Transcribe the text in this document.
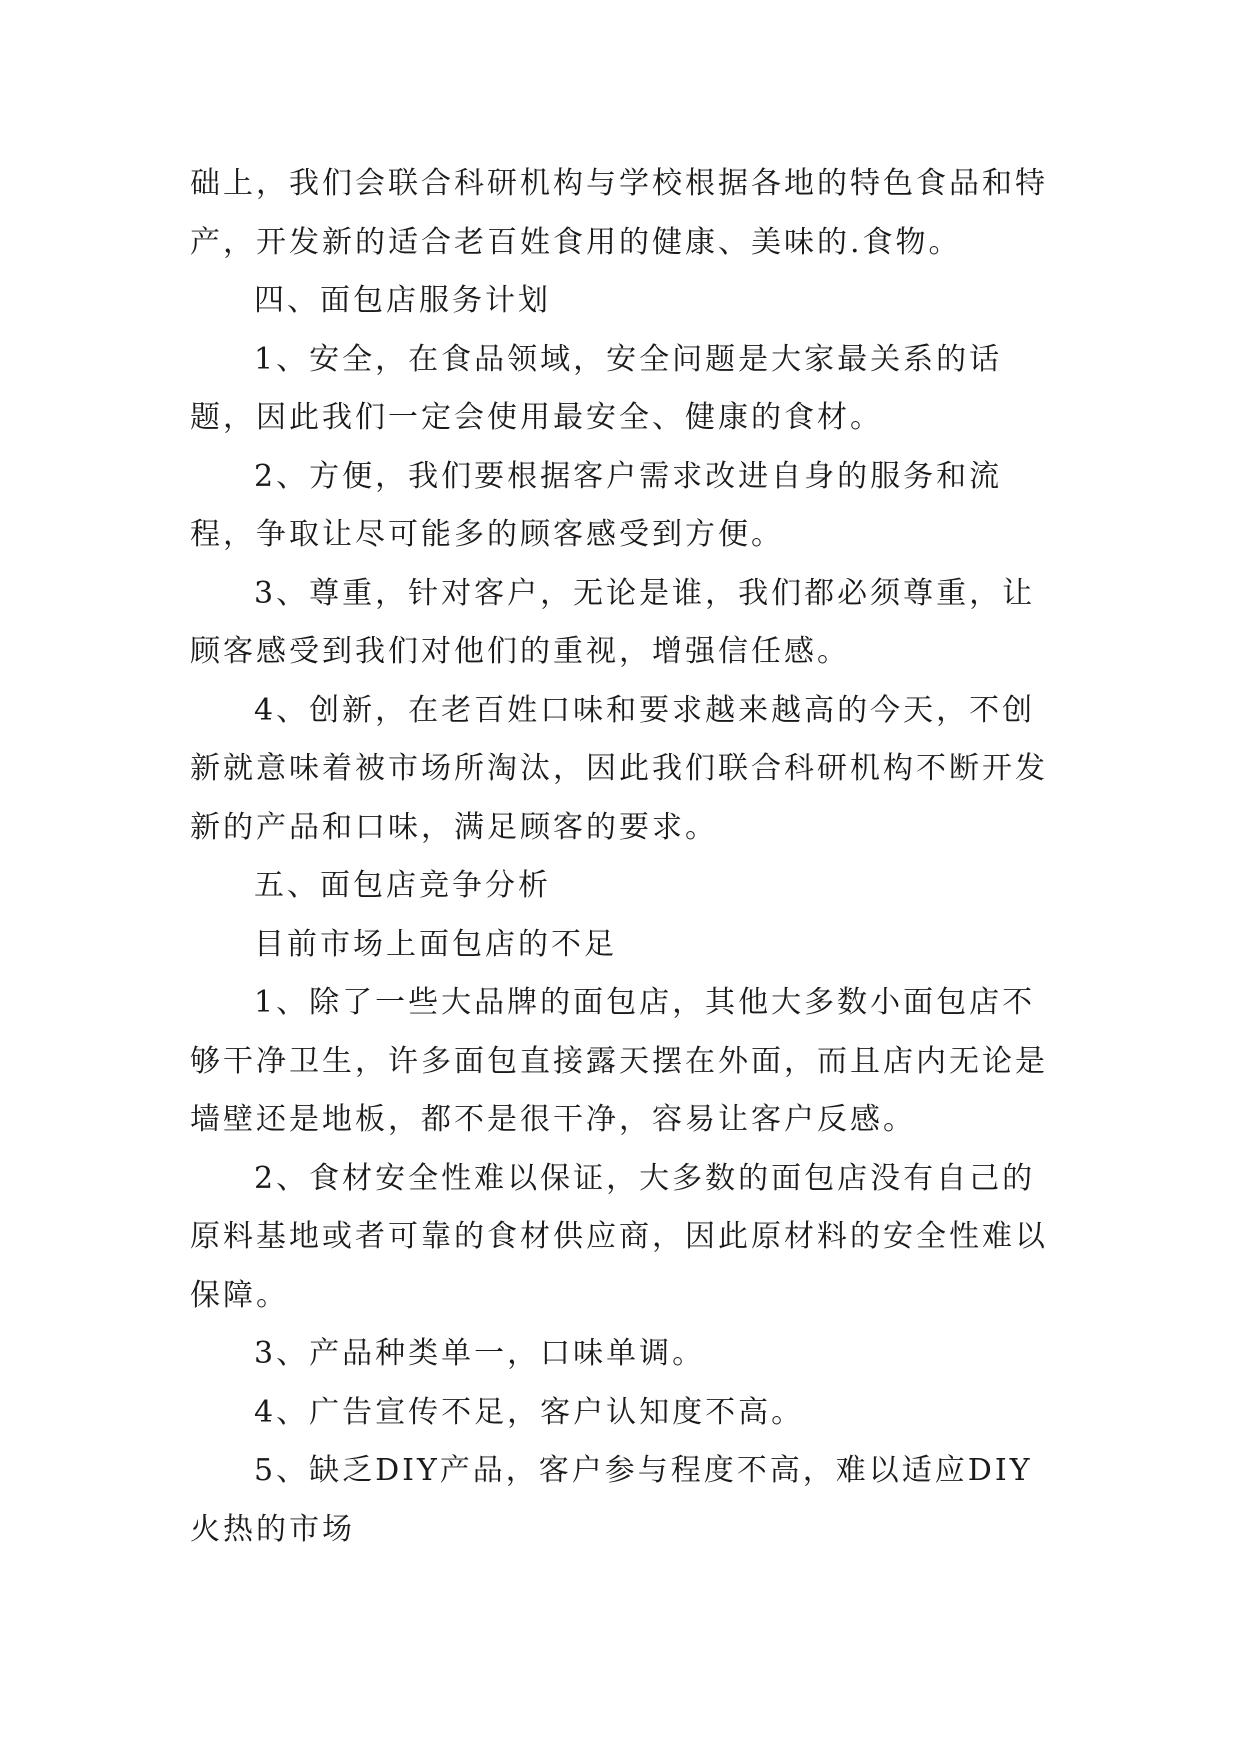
础上，我们会联合科研机构与学校根据各地的特色食品和特产，开发新的适合老百姓食用的健康、美味的.食物。

四、面包店服务计划

1、安全，在食品领域，安全问题是大家最关系的话题，因此我们一定会使用最安全、健康的食材。

2、方便，我们要根据客户需求改进自身的服务和流程，争取让尽可能多的顾客感受到方便。

3、尊重，针对客户，无论是谁，我们都必须尊重，让顾客感受到我们对他们的重视，增强信任感。

4、创新，在老百姓口味和要求越来越高的今天，不创新就意味着被市场所淘汰，因此我们联合科研机构不断开发新的产品和口味，满足顾客的要求。

五、面包店竞争分析

目前市场上面包店的不足

1、除了一些大品牌的面包店，其他大多数小面包店不够干净卫生，许多面包直接露天摆在外面，而且店内无论是墙壁还是地板，都不是很干净，容易让客户反感。

2、食材安全性难以保证，大多数的面包店没有自己的原料基地或者可靠的食材供应商，因此原材料的安全性难以保障。

3、产品种类单一，口味单调。

4、广告宣传不足，客户认知度不高。

5、缺乏DIY产品，客户参与程度不高，难以适应DIY火热的市场
